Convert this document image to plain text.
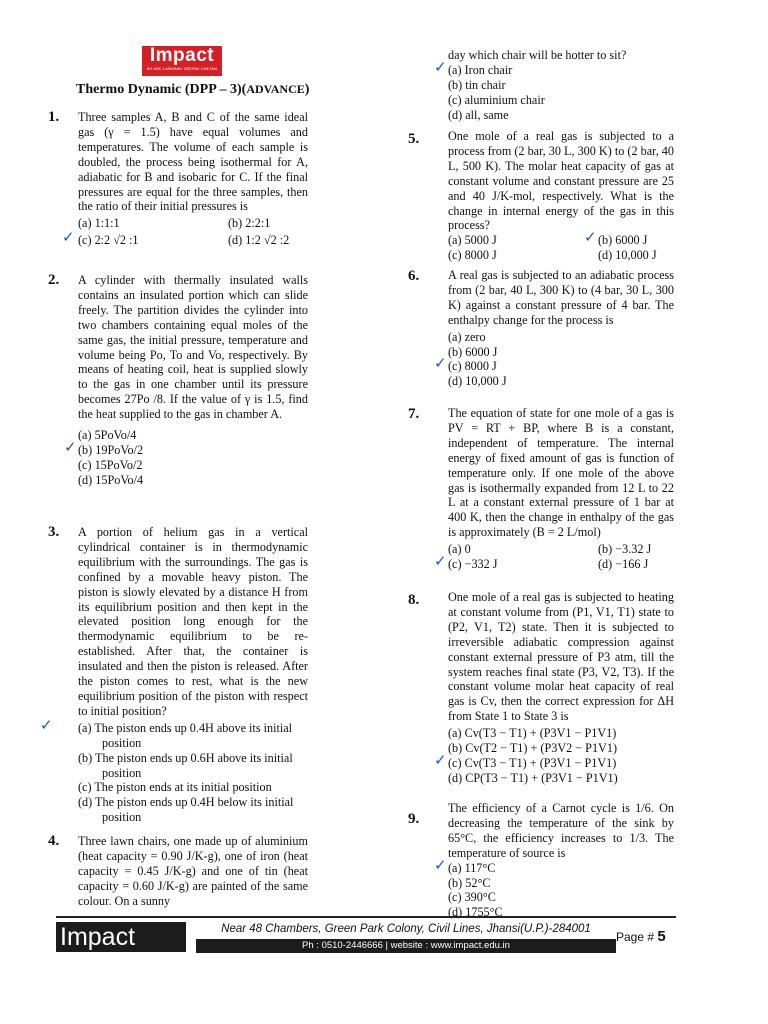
Impact
BY ASK 2 ABHINAY DEEPAK CHETAN
Thermo Dynamic (DPP – 3)(ADVANCE)
1. Three samples A, B and C of the same ideal gas (γ = 1.5) have equal volumes and temperatures. The volume of each sample is doubled, the process being isothermal for A, adiabatic for B and isobaric for C. If the final pressures are equal for the three samples, then the ratio of their initial pressures is
(a) 1:1:1	(b) 2:2:1
✓ (c) 2:2 √2 :1	(d) 1:2 √2 :2
2. A cylinder with thermally insulated walls contains an insulated portion which can slide freely. The partition divides the cylinder into two chambers containing equal moles of the same gas, the initial pressure, temperature and volume being Po, To and Vo, respectively. By means of heating coil, heat is supplied slowly to the gas in one chamber until its pressure becomes 27Po /8. If the value of γ is 1.5, find the heat supplied to the gas in chamber A.
(a) 5PoVo/4
✓ (b) 19PoVo/2
(c) 15PoVo/2
(d) 15PoVo/4
3. A portion of helium gas in a vertical cylindrical container is in thermodynamic equilibrium with the surroundings. The gas is confined by a movable heavy piston. The piston is slowly elevated by a distance H from its equilibrium position and then kept in the elevated position long enough for the thermodynamic equilibrium to be re-established. After that, the container is insulated and then the piston is released. After the piston comes to rest, what is the new equilibrium position of the piston with respect to initial position?
✓	(a) The piston ends up 0.4H above its initial position
(b) The piston ends up 0.6H above its initial position
(c) The piston ends at its initial position
(d) The piston ends up 0.4H below its initial position
4. Three lawn chairs, one made up of aluminium (heat capacity = 0.90 J/K-g), one of iron (heat capacity = 0.45 J/K-g) and one of tin (heat capacity = 0.60 J/K-g) are painted of the same colour. On a sunny
day which chair will be hotter to sit?
✓ (a) Iron chair
(b) tin chair
(c) aluminium chair
(d) all, same
5. One mole of a real gas is subjected to a process from (2 bar, 30 L, 300 K) to (2 bar, 40 L, 500 K). The molar heat capacity of gas at constant volume and constant pressure are 25 and 40 J/K-mol, respectively. What is the change in internal energy of the gas in this process?
(a) 5000 J	✓ (b) 6000 J
(c) 8000 J	(d) 10,000 J
6. A real gas is subjected to an adiabatic process from (2 bar, 40 L, 300 K) to (4 bar, 30 L, 300 K) against a constant pressure of 4 bar. The enthalpy change for the process is
(a) zero
(b) 6000 J
✓ (c) 8000 J
(d) 10,000 J
7. The equation of state for one mole of a gas is PV = RT + BP, where B is a constant, independent of temperature. The internal energy of fixed amount of gas is function of temperature only. If one mole of the above gas is isothermally expanded from 12 L to 22 L at a constant external pressure of 1 bar at 400 K, then the change in enthalpy of the gas is approximately (B = 2 L/mol)
(a) 0	(b) −3.32 J
✓ (c) −332 J	(d) −166 J
8. One mole of a real gas is subjected to heating at constant volume from (P1, V1, T1) state to (P2, V1, T2) state. Then it is subjected to irreversible adiabatic compression against constant external pressure of P3 atm, till the system reaches final state (P3, V2, T3). If the constant volume molar heat capacity of real gas is Cv, then the correct expression for ΔH from State 1 to State 3 is
(a) Cv(T3 − T1) + (P3V1 − P1V1)
(b) Cv(T2 − T1) + (P3V2 − P1V1)
✓ (c) Cv(T3 − T1) + (P3V1 − P1V1)
(d) CP(T3 − T1) + (P3V1 − P1V1)
9.
The efficiency of a Carnot cycle is 1/6. On decreasing the temperature of the sink by 65°C, the efficiency increases to 1/3. The temperature of source is
✓ (a) 117°C
(b) 52°C
(c) 390°C
(d) 1755°C
Impact	Near 48 Chambers, Green Park Colony, Civil Lines, Jhansi(U.P.)-284001
Ph : 0510-2446666 | website : www.impact.edu.in
Page # 5
